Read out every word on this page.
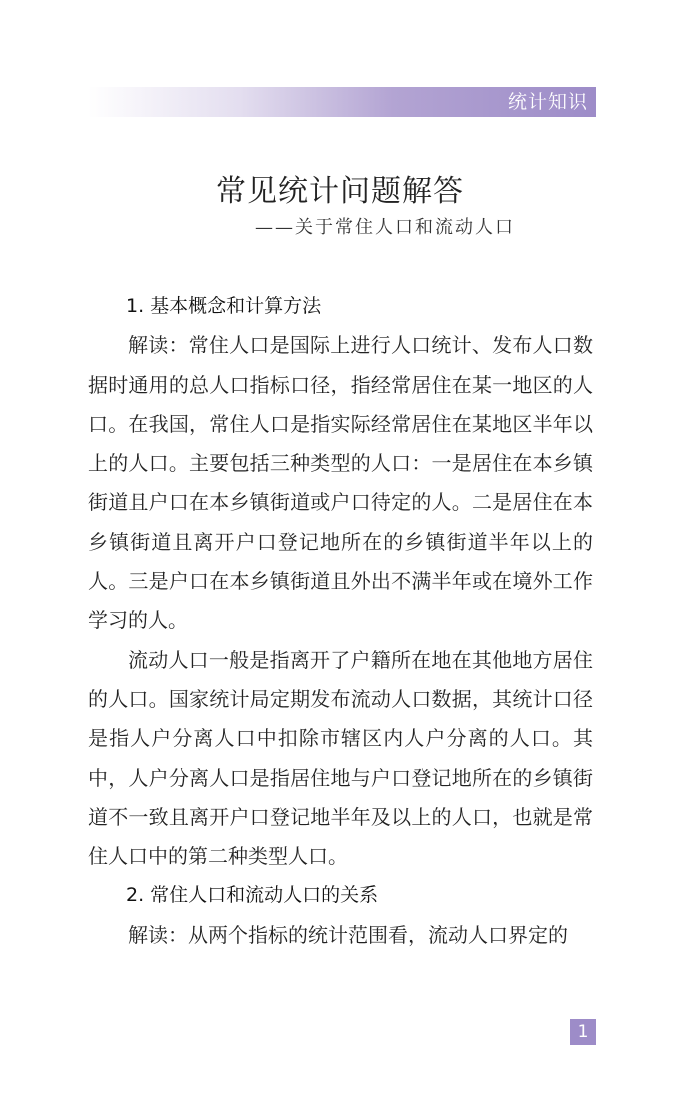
统计知识
常见统计问题解答
——关于常住人口和流动人口

1. 基本概念和计算方法

解读：常住人口是国际上进行人口统计、发布人口数据时通用的总人口指标口径，指经常居住在某一地区的人口。在我国，常住人口是指实际经常居住在某地区半年以上的人口。主要包括三种类型的人口：一是居住在本乡镇街道且户口在本乡镇街道或户口待定的人。二是居住在本乡镇街道且离开户口登记地所在的乡镇街道半年以上的人。三是户口在本乡镇街道且外出不满半年或在境外工作学习的人。

流动人口一般是指离开了户籍所在地在其他地方居住的人口。国家统计局定期发布流动人口数据，其统计口径是指人户分离人口中扣除市辖区内人户分离的人口。其中，人户分离人口是指居住地与户口登记地所在的乡镇街道不一致且离开户口登记地半年及以上的人口，也就是常住人口中的第二种类型人口。

2. 常住人口和流动人口的关系

解读：从两个指标的统计范围看，流动人口界定的

1
